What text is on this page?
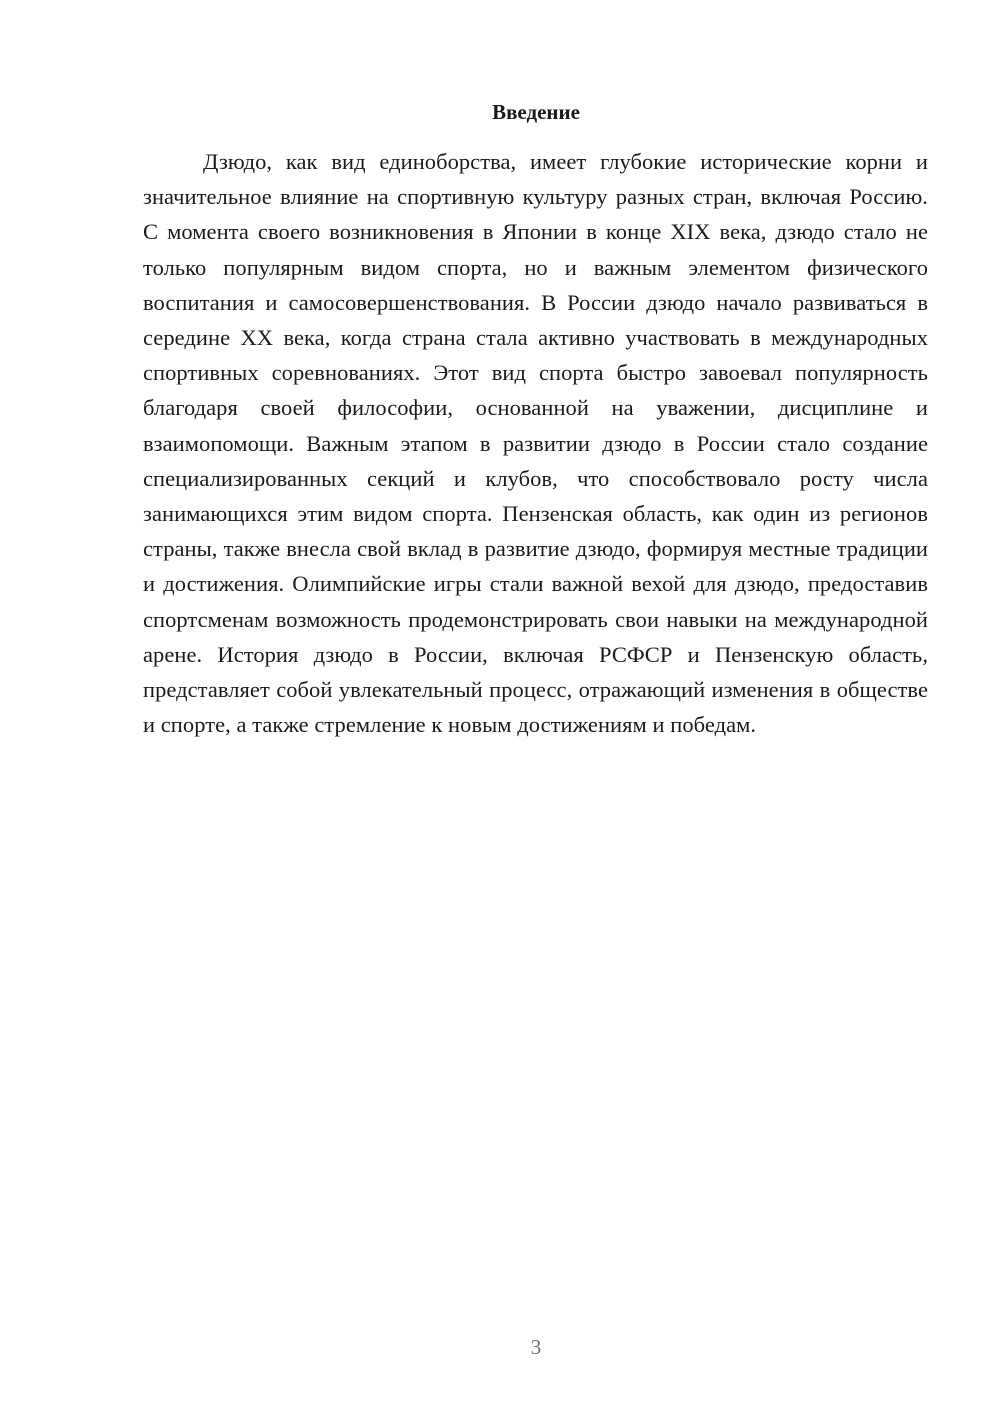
Введение

Дзюдо, как вид единоборства, имеет глубокие исторические корни и значительное влияние на спортивную культуру разных стран, включая Россию. С момента своего возникновения в Японии в конце XIX века, дзюдо стало не только популярным видом спорта, но и важным элементом физического воспитания и самосовершенствования. В России дзюдо начало развиваться в середине XX века, когда страна стала активно участвовать в международных спортивных соревнованиях. Этот вид спорта быстро завоевал популярность благодаря своей философии, основанной на уважении, дисциплине и взаимопомощи. Важным этапом в развитии дзюдо в России стало создание специализированных секций и клубов, что способствовало росту числа занимающихся этим видом спорта. Пензенская область, как один из регионов страны, также внесла свой вклад в развитие дзюдо, формируя местные традиции и достижения. Олимпийские игры стали важной вехой для дзюдо, предоставив спортсменам возможность продемонстрировать свои навыки на международной арене. История дзюдо в России, включая РСФСР и Пензенскую область, представляет собой увлекательный процесс, отражающий изменения в обществе и спорте, а также стремление к новым достижениям и победам.

3
